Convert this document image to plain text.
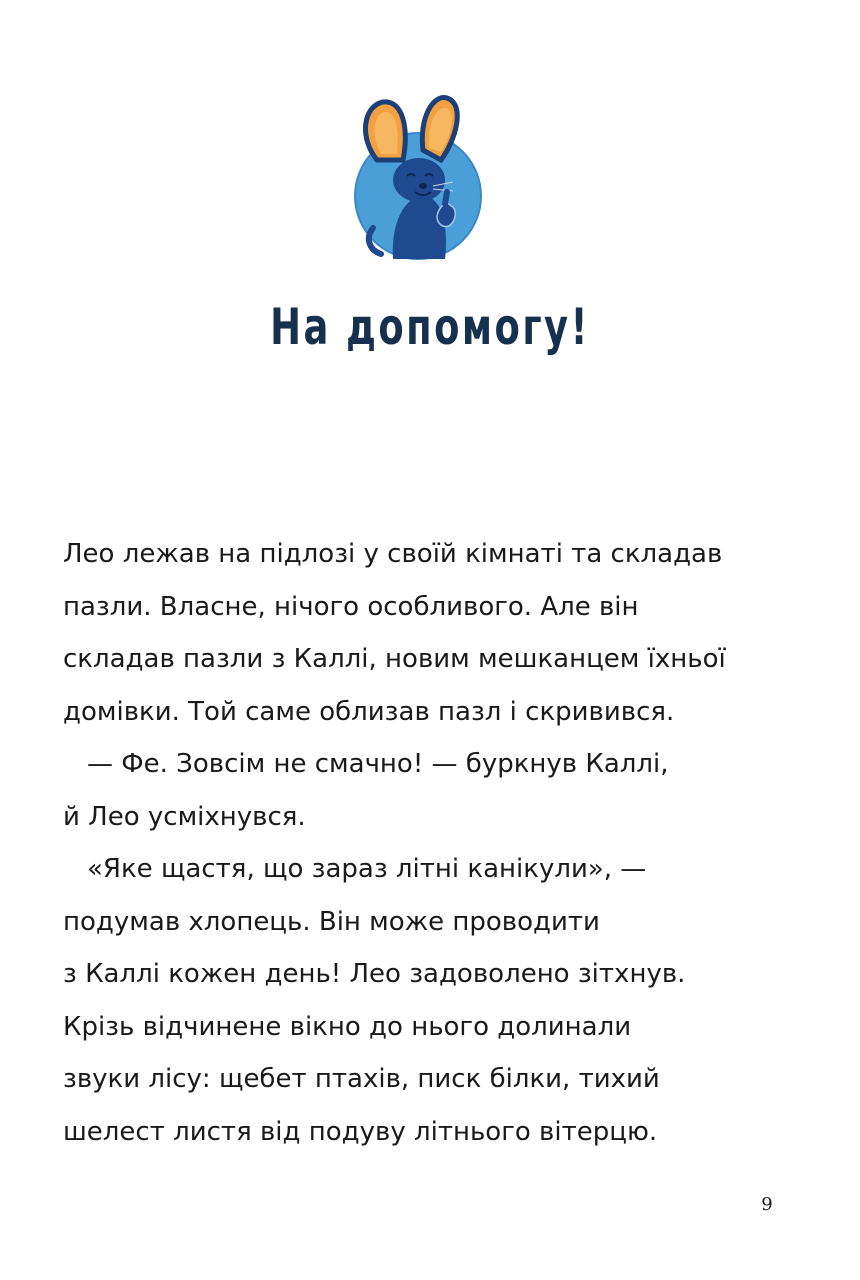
На допомогу!
Лео лежав на підлозі у своїй кімнаті та складав
пазли. Власне, нічого особливого. Але він
складав пазли з Каллі, новим мешканцем їхньої
домівки. Той саме облизав пазл і скривився.
— Фе. Зовсім не смачно! — буркнув Каллі,
й Лео усміхнувся.
«Яке щастя, що зараз літні канікули», —
подумав хлопець. Він може проводити
з Каллі кожен день! Лео задоволено зітхнув.
Крізь відчинене вікно до нього долинали
звуки лісу: щебет птахів, писк білки, тихий
шелест листя від подуву літнього вітерцю.
9
